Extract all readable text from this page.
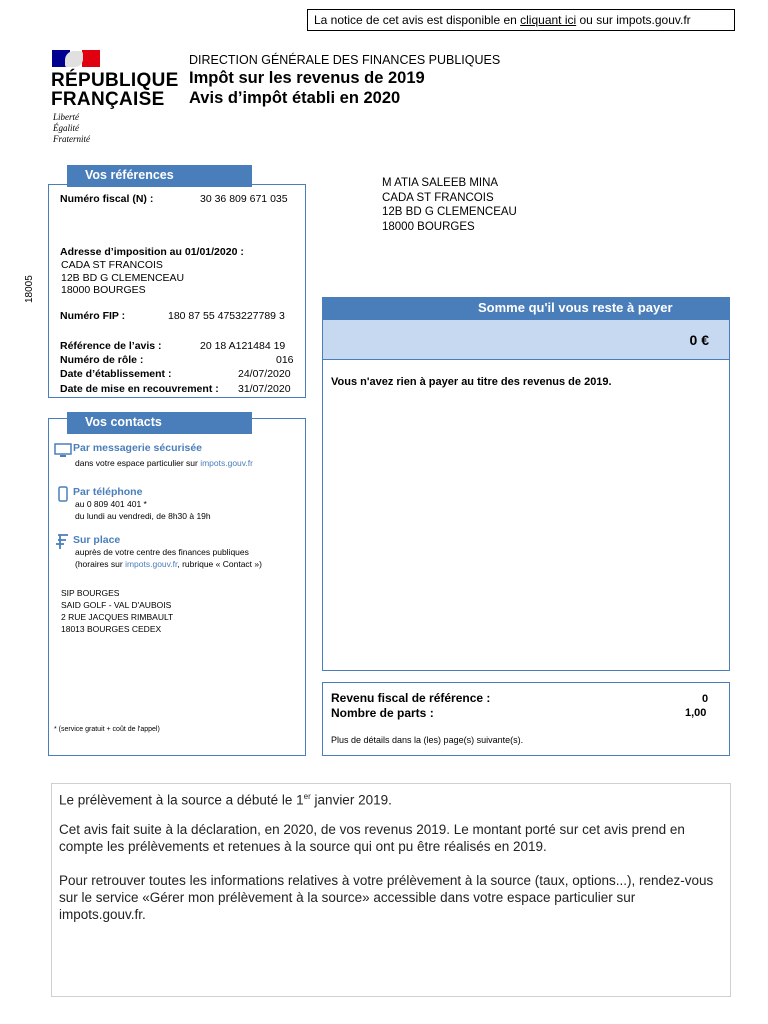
La notice de cet avis est disponible en cliquant ici ou sur impots.gouv.fr
RÉPUBLIQUE
FRANÇAISE
Liberté
Égalité
Fraternité
DIRECTION GÉNÉRALE DES FINANCES PUBLIQUES
Impôt sur les revenus de 2019
Avis d’impôt établi en 2020
18005
Vos références
Numéro fiscal (N) :	30 36 809 671 035
Adresse d’imposition au 01/01/2020 :
CADA ST FRANCOIS
12B BD G CLEMENCEAU
18000 BOURGES
Numéro FIP :	180 87 55 4753227789 3
Référence de l’avis :	20 18 A121484 19
Numéro de rôle :	016
Date d’établissement :	24/07/2020
Date de mise en recouvrement : 31/07/2020
Vos contacts
Par messagerie sécurisée
dans votre espace particulier sur impots.gouv.fr
Par téléphone
au 0 809 401 401 *
du lundi au vendredi, de 8h30 à 19h
Sur place
auprès de votre centre des finances publiques
(horaires sur impots.gouv.fr, rubrique « Contact »)
SIP BOURGES
SAID GOLF - VAL D'AUBOIS
2 RUE JACQUES RIMBAULT
18013 BOURGES CEDEX
* (service gratuit + coût de l'appel)
M ATIA SALEEB MINA
CADA ST FRANCOIS
12B BD G CLEMENCEAU
18000 BOURGES
Somme qu'il vous reste à payer
0 €
Vous n'avez rien à payer au titre des revenus de 2019.
Revenu fiscal de référence :	0
Nombre de parts :	1,00
Plus de détails dans la (les) page(s) suivante(s).
Le prélèvement à la source a débuté le 1er janvier 2019.
Cet avis fait suite à la déclaration, en 2020, de vos revenus 2019. Le montant porté sur cet avis prend en compte les prélèvements et retenues à la source qui ont pu être réalisés en 2019.
Pour retrouver toutes les informations relatives à votre prélèvement à la source (taux, options...), rendez-vous sur le service «Gérer mon prélèvement à la source» accessible dans votre espace particulier sur impots.gouv.fr.
